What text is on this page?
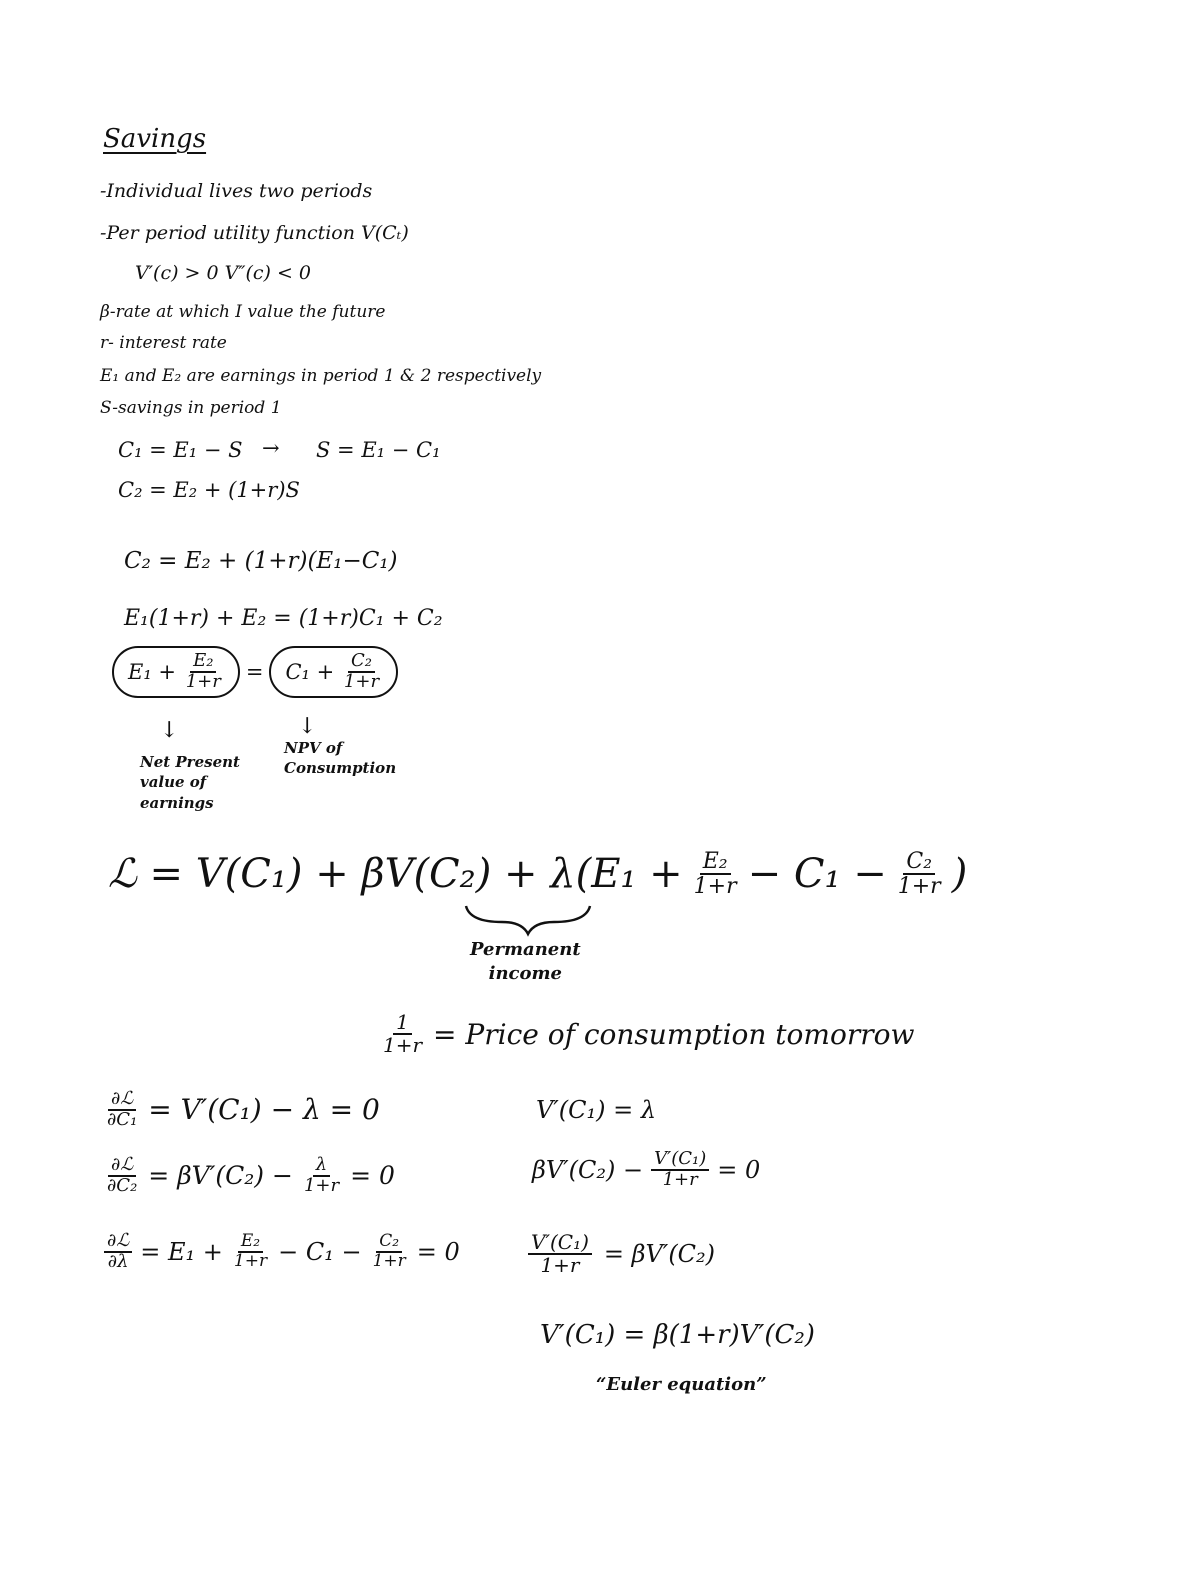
Savings
-Individual lives two periods
-Per period utility function V(Cₜ)
V′(c) > 0 V″(c) < 0
β-rate at which I value the future
r- interest rate
E₁ and E₂ are earnings in period 1 & 2 respectively
S-savings in period 1
C₁ = E₁ − S → S = E₁ − C₁
C₂ = E₂ + (1+r)S
C₂ = E₂ + (1+r)(E₁−C₁)
E₁(1+r) + E₂ = (1+r)C₁ + C₂
E₁ +
$\frac{\text{E₂}}{1+r} = C_1$ +
$\frac{\text{C₂}}{1+r}$
↓	↓
Net Present
value of
earnings
NPV of
Consumption
ℒ = $V(C_1) + \beta V(C_2) + \lambda(E_1 + \frac{\text{E₂}}{1+r} - C_1 - \frac{\text{C₂}}{1+r}$ )
Permanent
income
$\frac{1}{1+r}$ = Price of consumption tomorrow
$\frac{\text{∂ℒ}}{\text{∂C₁}} = V'(C_1) - \lambda = 0$
$\frac{\text{∂ℒ}}{\text{∂C₂}} = \beta V'(C_2) - \frac{\lambda}{1+r} = 0$
$\frac{\text{∂ℒ}}{\partial\lambda} = E_1 + \frac{\text{E₂}}{1+r} - C_1 - \frac{\text{C₂}}{1+r} = 0$
V′(C₁) = λ
$\beta V'(C_2) - \frac{\text{V′(C₁)}}{1+r} = 0$
$\frac{\text{V′(C₁)}}{1+r} = \beta V'(C_2)$
V′(C₁) = β(1+r)V′(C₂)
“Euler equation”
